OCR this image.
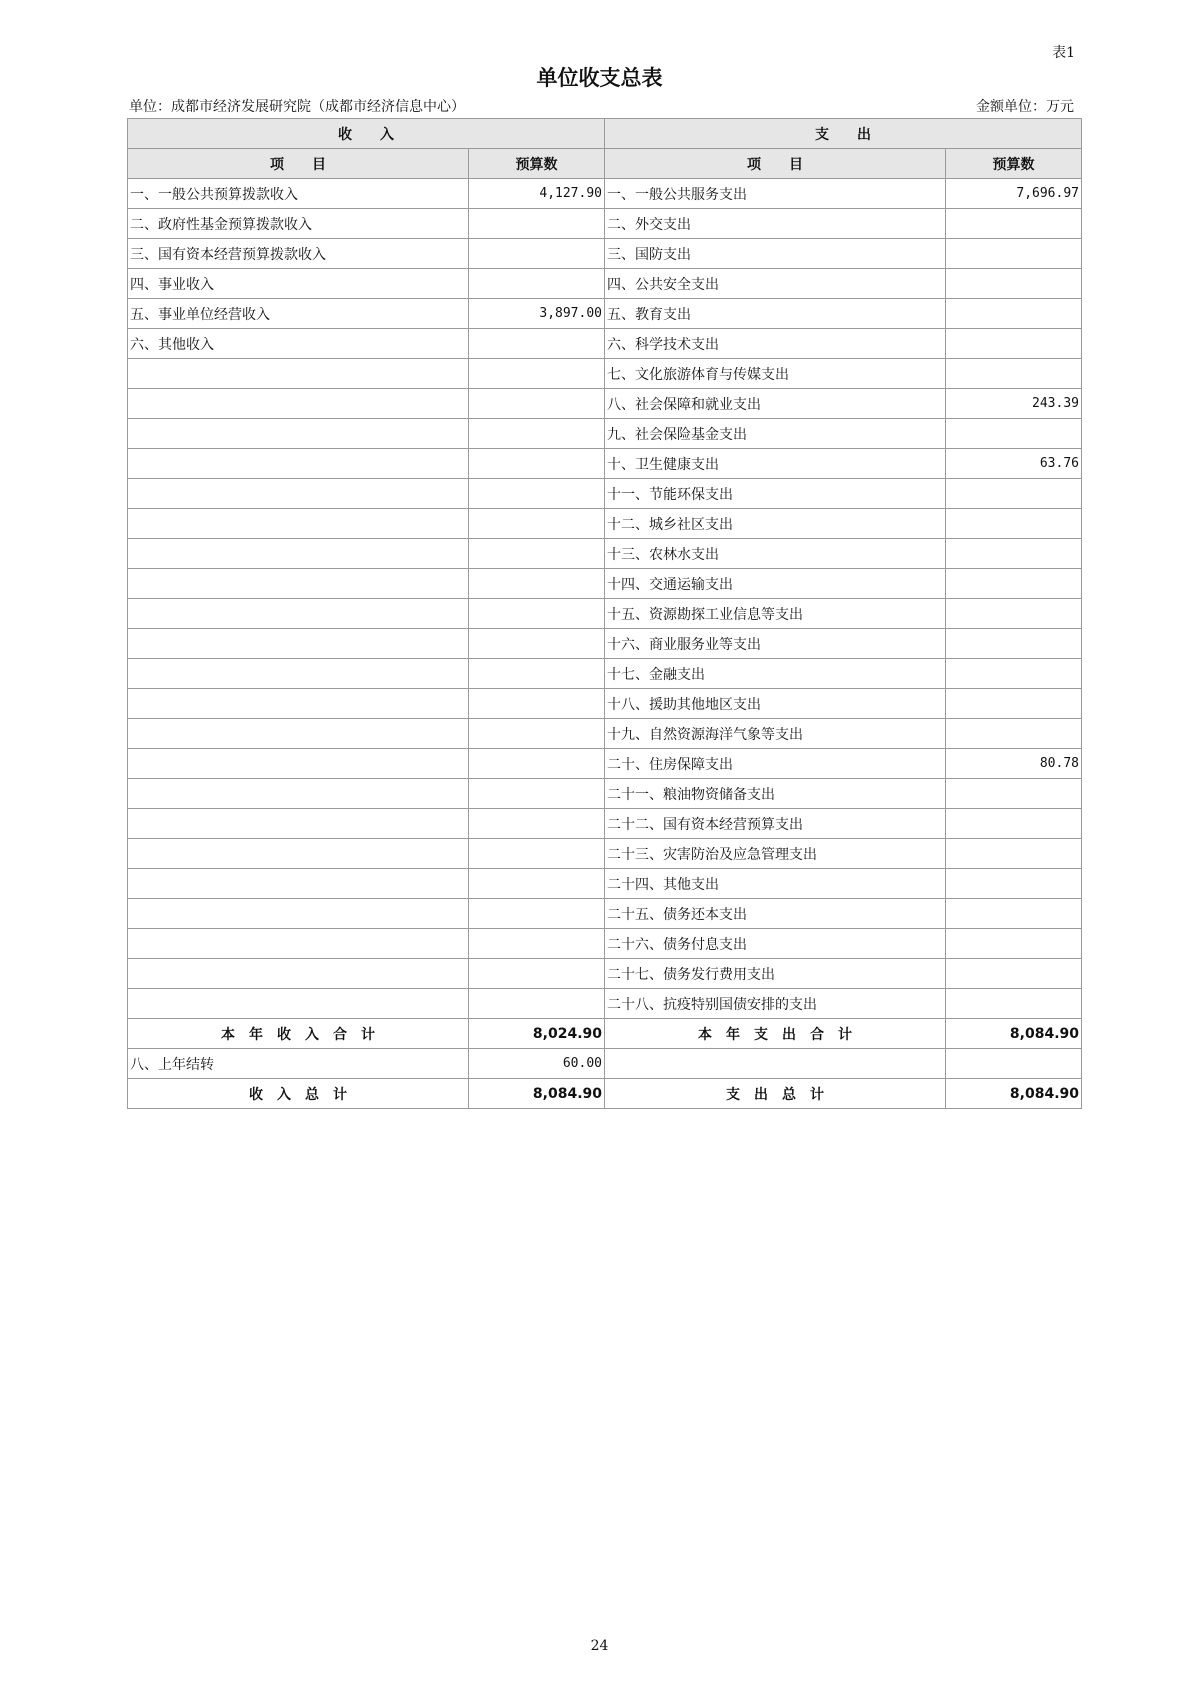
表1
单位收支总表
单位：成都市经济发展研究院（成都市经济信息中心）	金额单位：万元
收　　入		支　　出	
项　　目	预算数	项　　目	预算数
一、一般公共预算拨款收入	4,127.90	一、一般公共服务支出	7,696.97
二、政府性基金预算拨款收入		二、外交支出	
三、国有资本经营预算拨款收入		三、国防支出	
四、事业收入		四、公共安全支出	
五、事业单位经营收入	3,897.00	五、教育支出	
六、其他收入		六、科学技术支出	
		七、文化旅游体育与传媒支出	
		八、社会保障和就业支出	243.39
		九、社会保险基金支出	
		十、卫生健康支出	63.76
		十一、节能环保支出	
		十二、城乡社区支出	
		十三、农林水支出	
		十四、交通运输支出	
		十五、资源勘探工业信息等支出	
		十六、商业服务业等支出	
		十七、金融支出	
		十八、援助其他地区支出	
		十九、自然资源海洋气象等支出	
		二十、住房保障支出	80.78
		二十一、粮油物资储备支出	
		二十二、国有资本经营预算支出	
		二十三、灾害防治及应急管理支出	
		二十四、其他支出	
		二十五、债务还本支出	
		二十六、债务付息支出	
		二十七、债务发行费用支出	
		二十八、抗疫特别国债安排的支出	
本　年　收　入　合　计	8,024.90	本　年　支　出　合　计	8,084.90
八、上年结转	60.00		
收　入　总　计	8,084.90	支　出　总　计	8,084.90
24
